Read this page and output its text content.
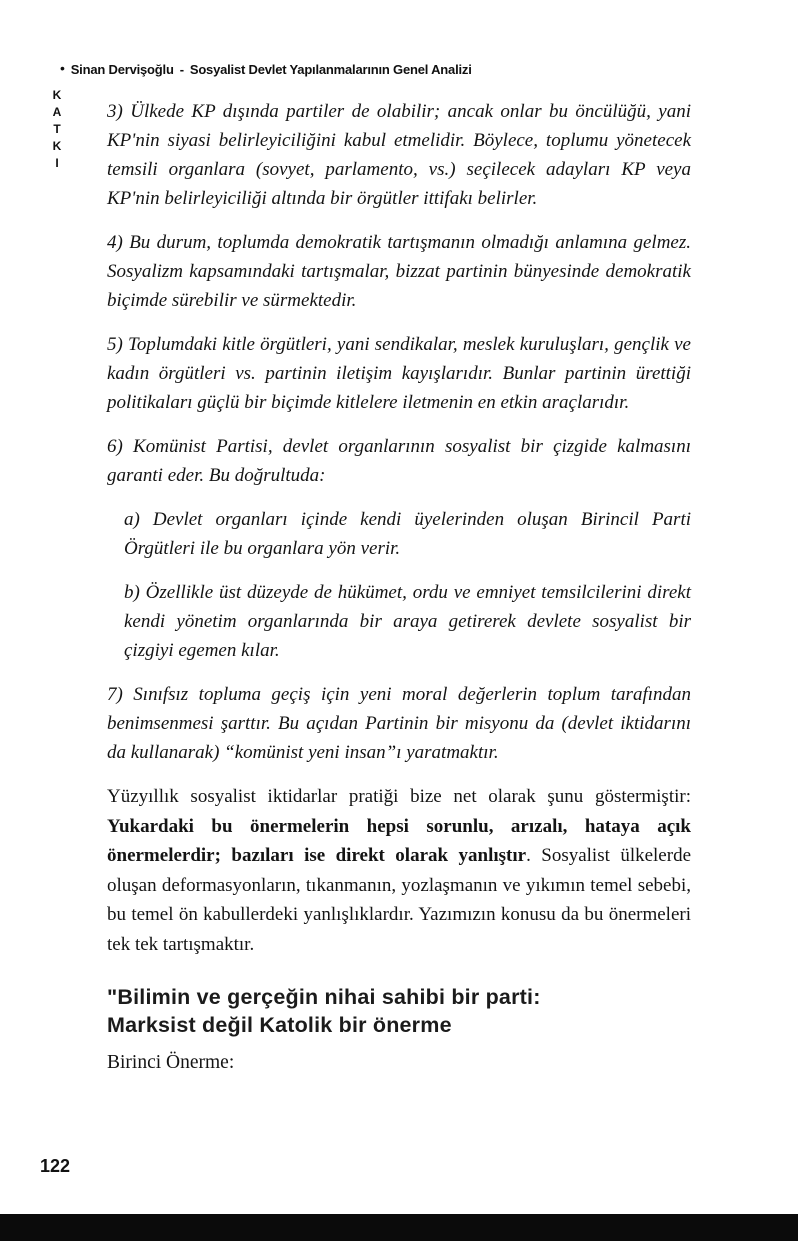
• Sinan Dervişoğlu - Sosyalist Devlet Yapılanmalarının Genel Analizi
KATKI 3) Ülkede KP dışında partiler de olabilir; ancak onlar bu öncülüğü, yani KP'nin siyasi belirleyiciliğini kabul etmelidir. Böylece, toplumu yönetecek temsili organlara (sovyet, parlamento, vs.) seçilecek adayları KP veya KP'nin belirleyiciliği altında bir örgütler ittifakı belirler.

4) Bu durum, toplumda demokratik tartışmanın olmadığı anlamına gelmez. Sosyalizm kapsamındaki tartışmalar, bizzat partinin bünyesinde demokratik biçimde sürebilir ve sürmektedir.

5) Toplumdaki kitle örgütleri, yani sendikalar, meslek kuruluşları, gençlik ve kadın örgütleri vs. partinin iletişim kayışlarıdır. Bunlar partinin ürettiği politikaları güçlü bir biçimde kitlelere iletmenin en etkin araçlarıdır.

6) Komünist Partisi, devlet organlarının sosyalist bir çizgide kalmasını garanti eder. Bu doğrultuda:

a) Devlet organları içinde kendi üyelerinden oluşan Birincil Parti Örgütleri ile bu organlara yön verir.

b) Özellikle üst düzeyde de hükümet, ordu ve emniyet temsilcilerini direkt kendi yönetim organlarında bir araya getirerek devlete sosyalist bir çizgiyi egemen kılar.

7) Sınıfsız topluma geçiş için yeni moral değerlerin toplum tarafından benimsenmesi şarttır. Bu açıdan Partinin bir misyonu da (devlet iktidarını da kullanarak) “komünist yeni insan”ı yaratmaktır.

Yüzyıllık sosyalist iktidarlar pratiği bize net olarak şunu göstermiştir: Yukardaki bu önermelerin hepsi sorunlu, arızalı, hataya açık önermelerdir; bazıları ise direkt olarak yanlıştır. Sosyalist ülkelerde oluşan deformasyonların, tıkanmanın, yozlaşmanın ve yıkımın temel sebebi, bu temel ön kabullerdeki yanlışlıklardır. Yazımızın konusu da bu önermeleri tek tek tartışmaktır.

"Bilimin ve gerçeğin nihai sahibi bir parti:
Marksist değil Katolik bir önerme

Birinci Önerme:

122
